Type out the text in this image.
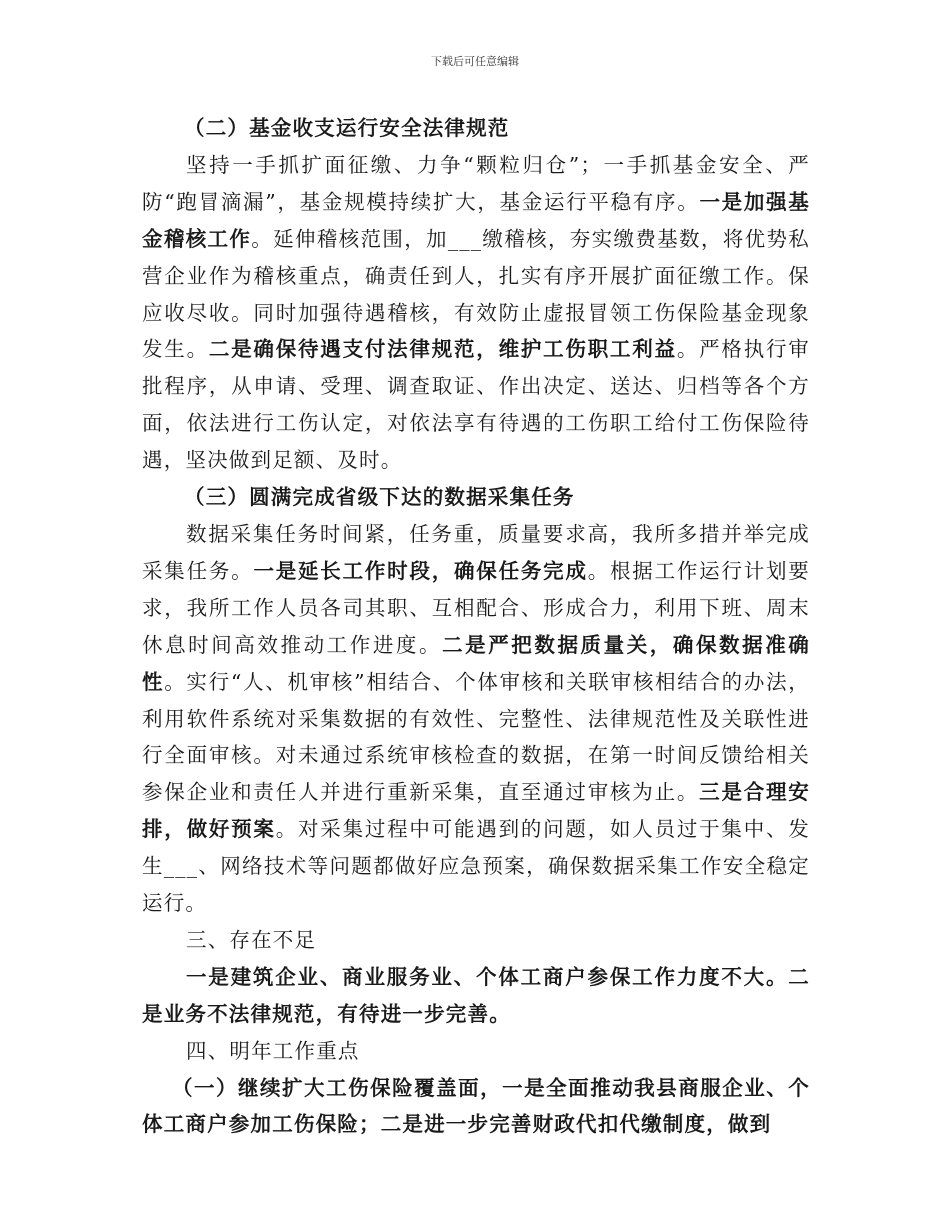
下载后可任意编辑

（二）基金收支运行安全法律规范

坚持一手抓扩面征缴、力争“颗粒归仓”；一手抓基金安全、严防“跑冒滴漏”，基金规模持续扩大，基金运行平稳有序。一是加强基金稽核工作。延伸稽核范围，加___缴稽核，夯实缴费基数，将优势私营企业作为稽核重点，确责任到人，扎实有序开展扩面征缴工作。保应收尽收。同时加强待遇稽核，有效防止虚报冒领工伤保险基金现象发生。二是确保待遇支付法律规范，维护工伤职工利益。严格执行审批程序，从申请、受理、调查取证、作出决定、送达、归档等各个方面，依法进行工伤认定，对依法享有待遇的工伤职工给付工伤保险待遇，坚决做到足额、及时。

（三）圆满完成省级下达的数据采集任务

数据采集任务时间紧，任务重，质量要求高，我所多措并举完成采集任务。一是延长工作时段，确保任务完成。根据工作运行计划要求，我所工作人员各司其职、互相配合、形成合力，利用下班、周末休息时间高效推动工作进度。二是严把数据质量关，确保数据准确性。实行“人、机审核”相结合、个体审核和关联审核相结合的办法，利用软件系统对采集数据的有效性、完整性、法律规范性及关联性进行全面审核。对未通过系统审核检查的数据，在第一时间反馈给相关参保企业和责任人并进行重新采集，直至通过审核为止。三是合理安排，做好预案。对采集过程中可能遇到的问题，如人员过于集中、发生___、网络技术等问题都做好应急预案，确保数据采集工作安全稳定运行。

三、存在不足

一是建筑企业、商业服务业、个体工商户参保工作力度不大。二是业务不法律规范，有待进一步完善。

四、明年工作重点

（一）继续扩大工伤保险覆盖面，一是全面推动我县商服企业、个体工商户参加工伤保险；二是进一步完善财政代扣代缴制度，做到
